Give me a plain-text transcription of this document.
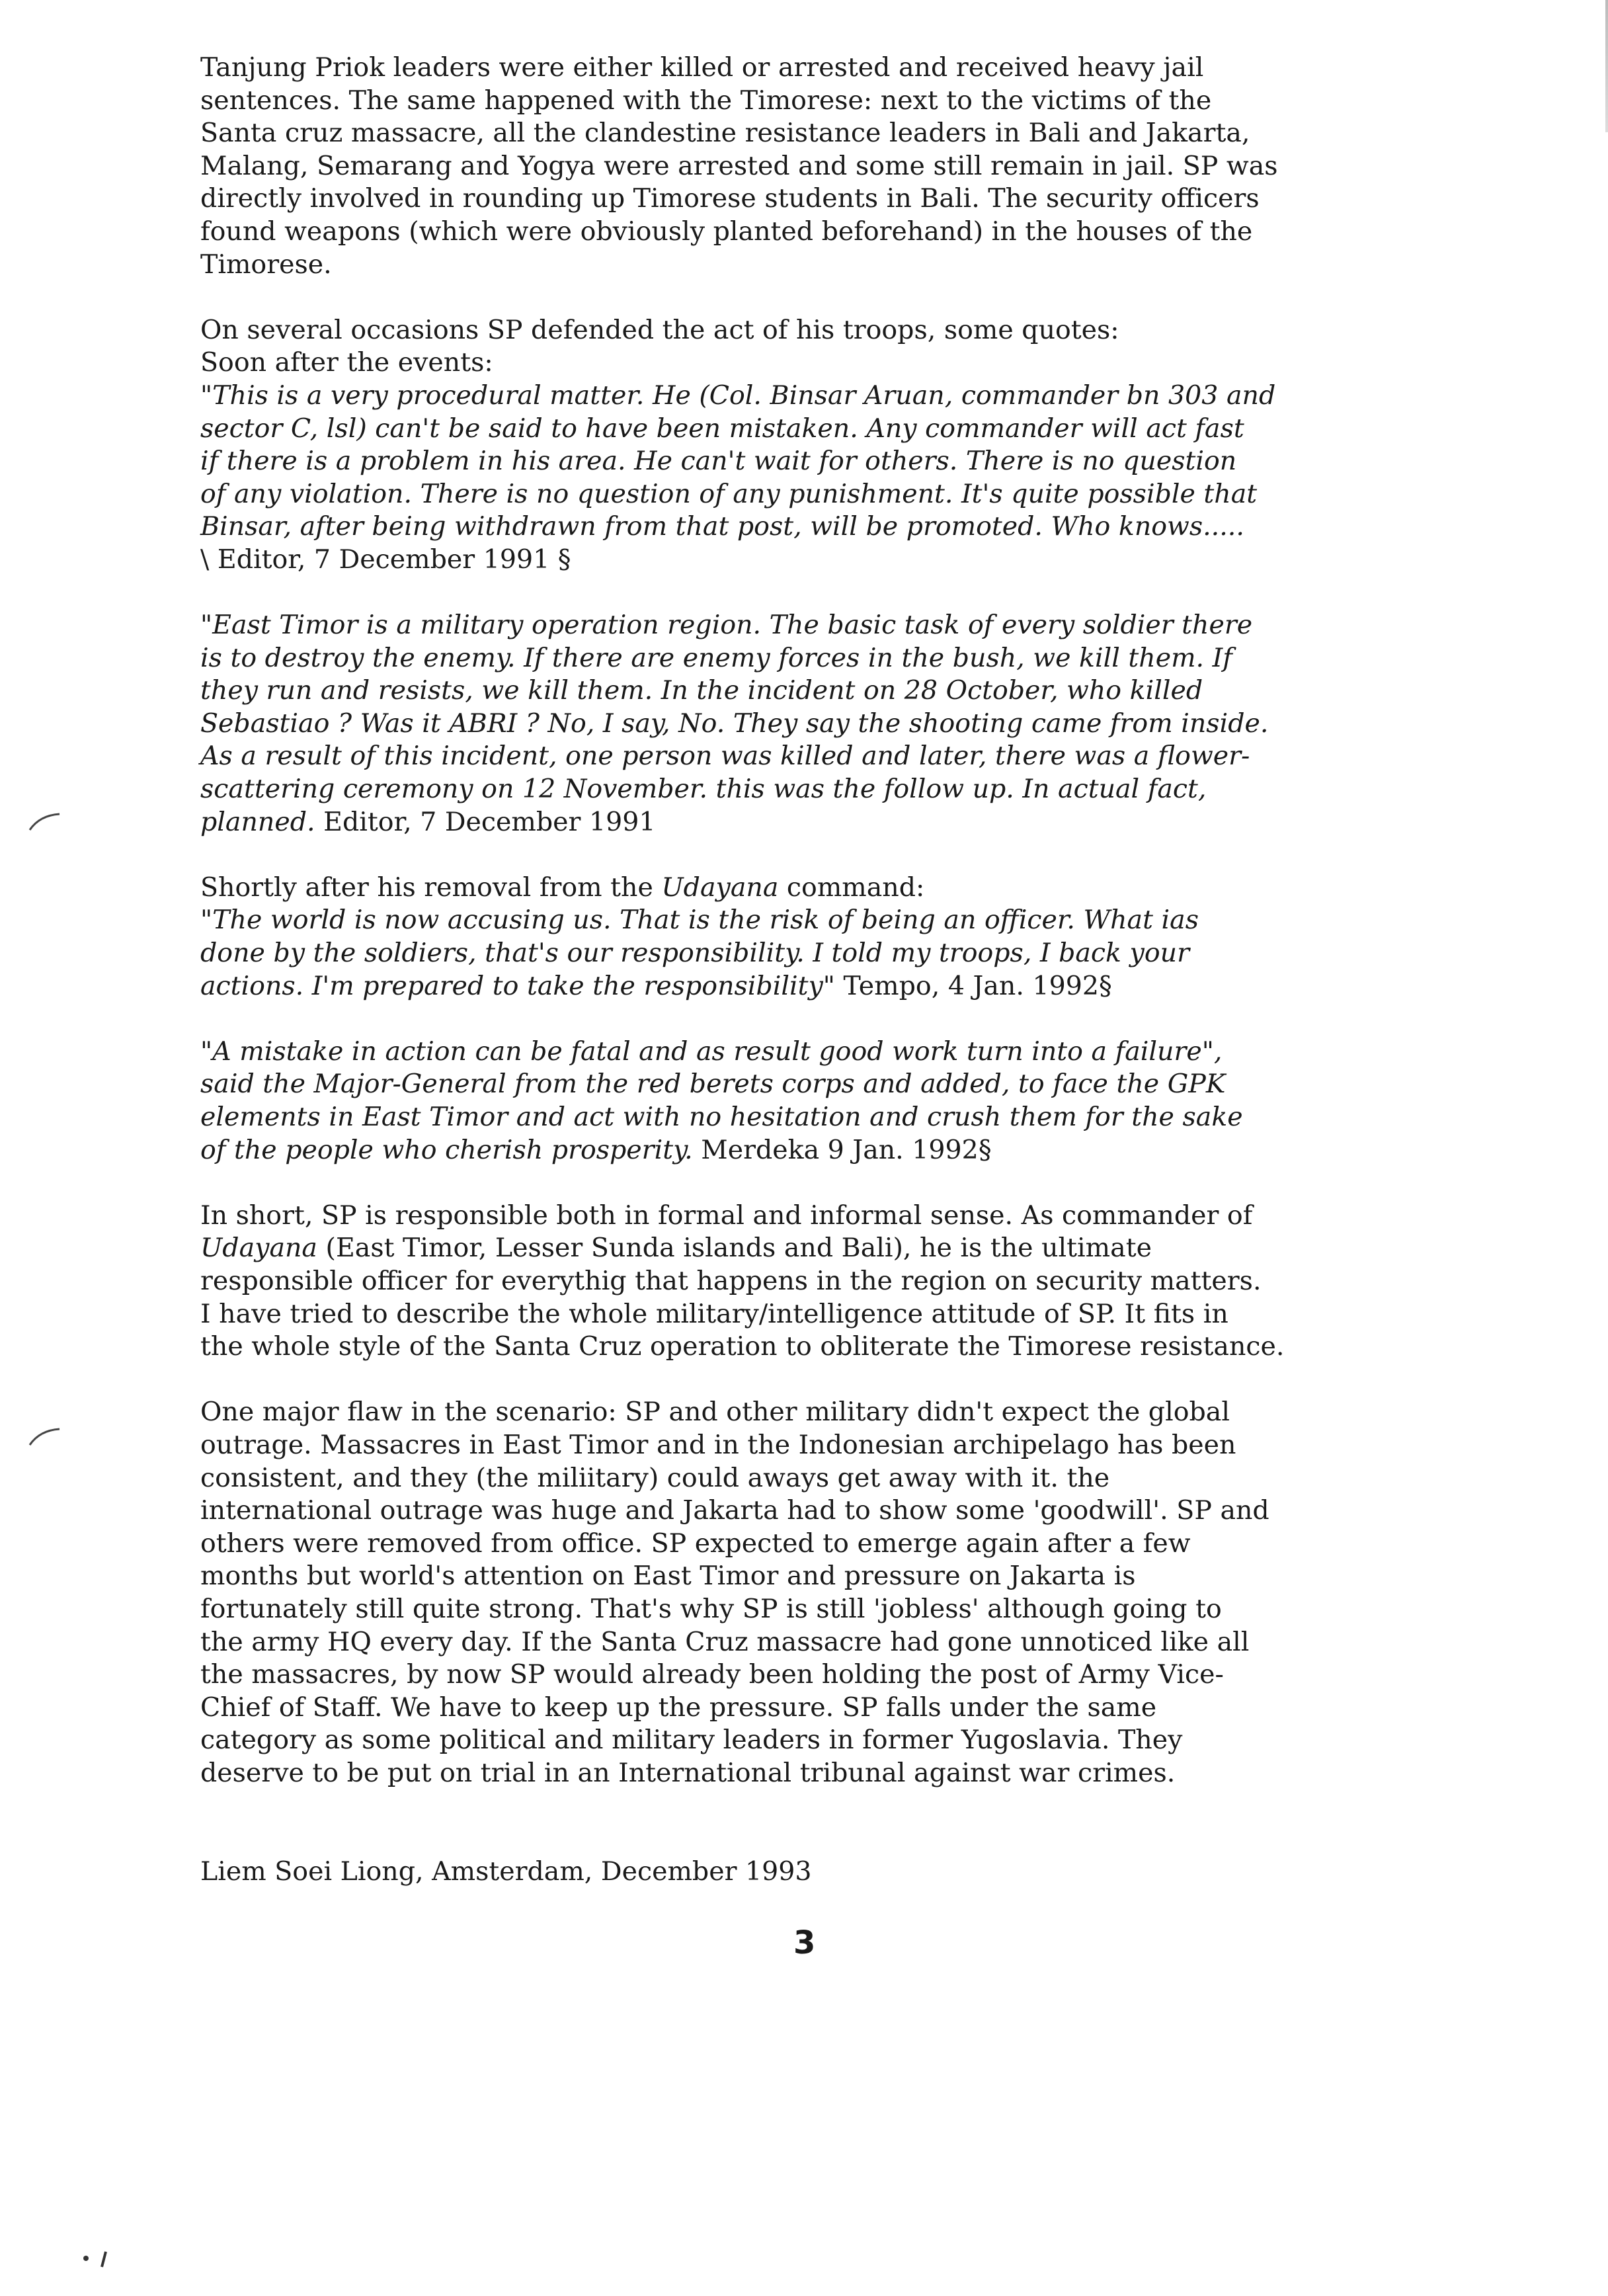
Tanjung Priok leaders were either killed or arrested and received heavy jail
sentences. The same happened with the Timorese: next to the victims of the
Santa cruz massacre, all the clandestine resistance leaders in Bali and Jakarta,
Malang, Semarang and Yogya were arrested and some still remain in jail. SP was
directly involved in rounding up Timorese students in Bali. The security officers
found weapons (which were obviously planted beforehand) in the houses of the
Timorese.

On several occasions SP defended the act of his troops, some quotes:
Soon after the events:
"This is a very procedural matter. He (Col. Binsar Aruan, commander bn 303 and
sector C, lsl) can't be said to have been mistaken. Any commander will act fast
if there is a problem in his area. He can't wait for others. There is no question
of any violation. There is no question of any punishment. It's quite possible that
Binsar, after being withdrawn from that post, will be promoted. Who knows.....
\ Editor, 7 December 1991 §

"East Timor is a military operation region. The basic task of every soldier there
is to destroy the enemy. If there are enemy forces in the bush, we kill them. If
they run and resists, we kill them. In the incident on 28 October, who killed
Sebastiao ? Was it ABRI ? No, I say, No. They say the shooting came from inside.
As a result of this incident, one person was killed and later, there was a flower-
scattering ceremony on 12 November. this was the follow up. In actual fact,
planned. Editor, 7 December 1991

Shortly after his removal from the Udayana command:
"The world is now accusing us. That is the risk of being an officer. What ias
done by the soldiers, that's our responsibility. I told my troops, I back your
actions. I'm prepared to take the responsibility" Tempo, 4 Jan. 1992§

"A mistake in action can be fatal and as result good work turn into a failure",
said the Major-General from the red berets corps and added, to face the GPK
elements in East Timor and act with no hesitation and crush them for the sake
of the people who cherish prosperity. Merdeka 9 Jan. 1992§

In short, SP is responsible both in formal and informal sense. As commander of
Udayana (East Timor, Lesser Sunda islands and Bali), he is the ultimate
responsible officer for everythig that happens in the region on security matters.
I have tried to describe the whole military/intelligence attitude of SP. It fits in
the whole style of the Santa Cruz operation to obliterate the Timorese resistance.

One major flaw in the scenario: SP and other military didn't expect the global
outrage. Massacres in East Timor and in the Indonesian archipelago has been
consistent, and they (the miliitary) could aways get away with it. the
international outrage was huge and Jakarta had to show some 'goodwill'. SP and
others were removed from office. SP expected to emerge again after a few
months but world's attention on East Timor and pressure on Jakarta is
fortunately still quite strong. That's why SP is still 'jobless' although going to
the army HQ every day. If the Santa Cruz massacre had gone unnoticed like all
the massacres, by now SP would already been holding the post of Army Vice-
Chief of Staff. We have to keep up the pressure. SP falls under the same
category as some political and military leaders in former Yugoslavia. They
deserve to be put on trial in an International tribunal against war crimes.

Liem Soei Liong, Amsterdam, December 1993
3
